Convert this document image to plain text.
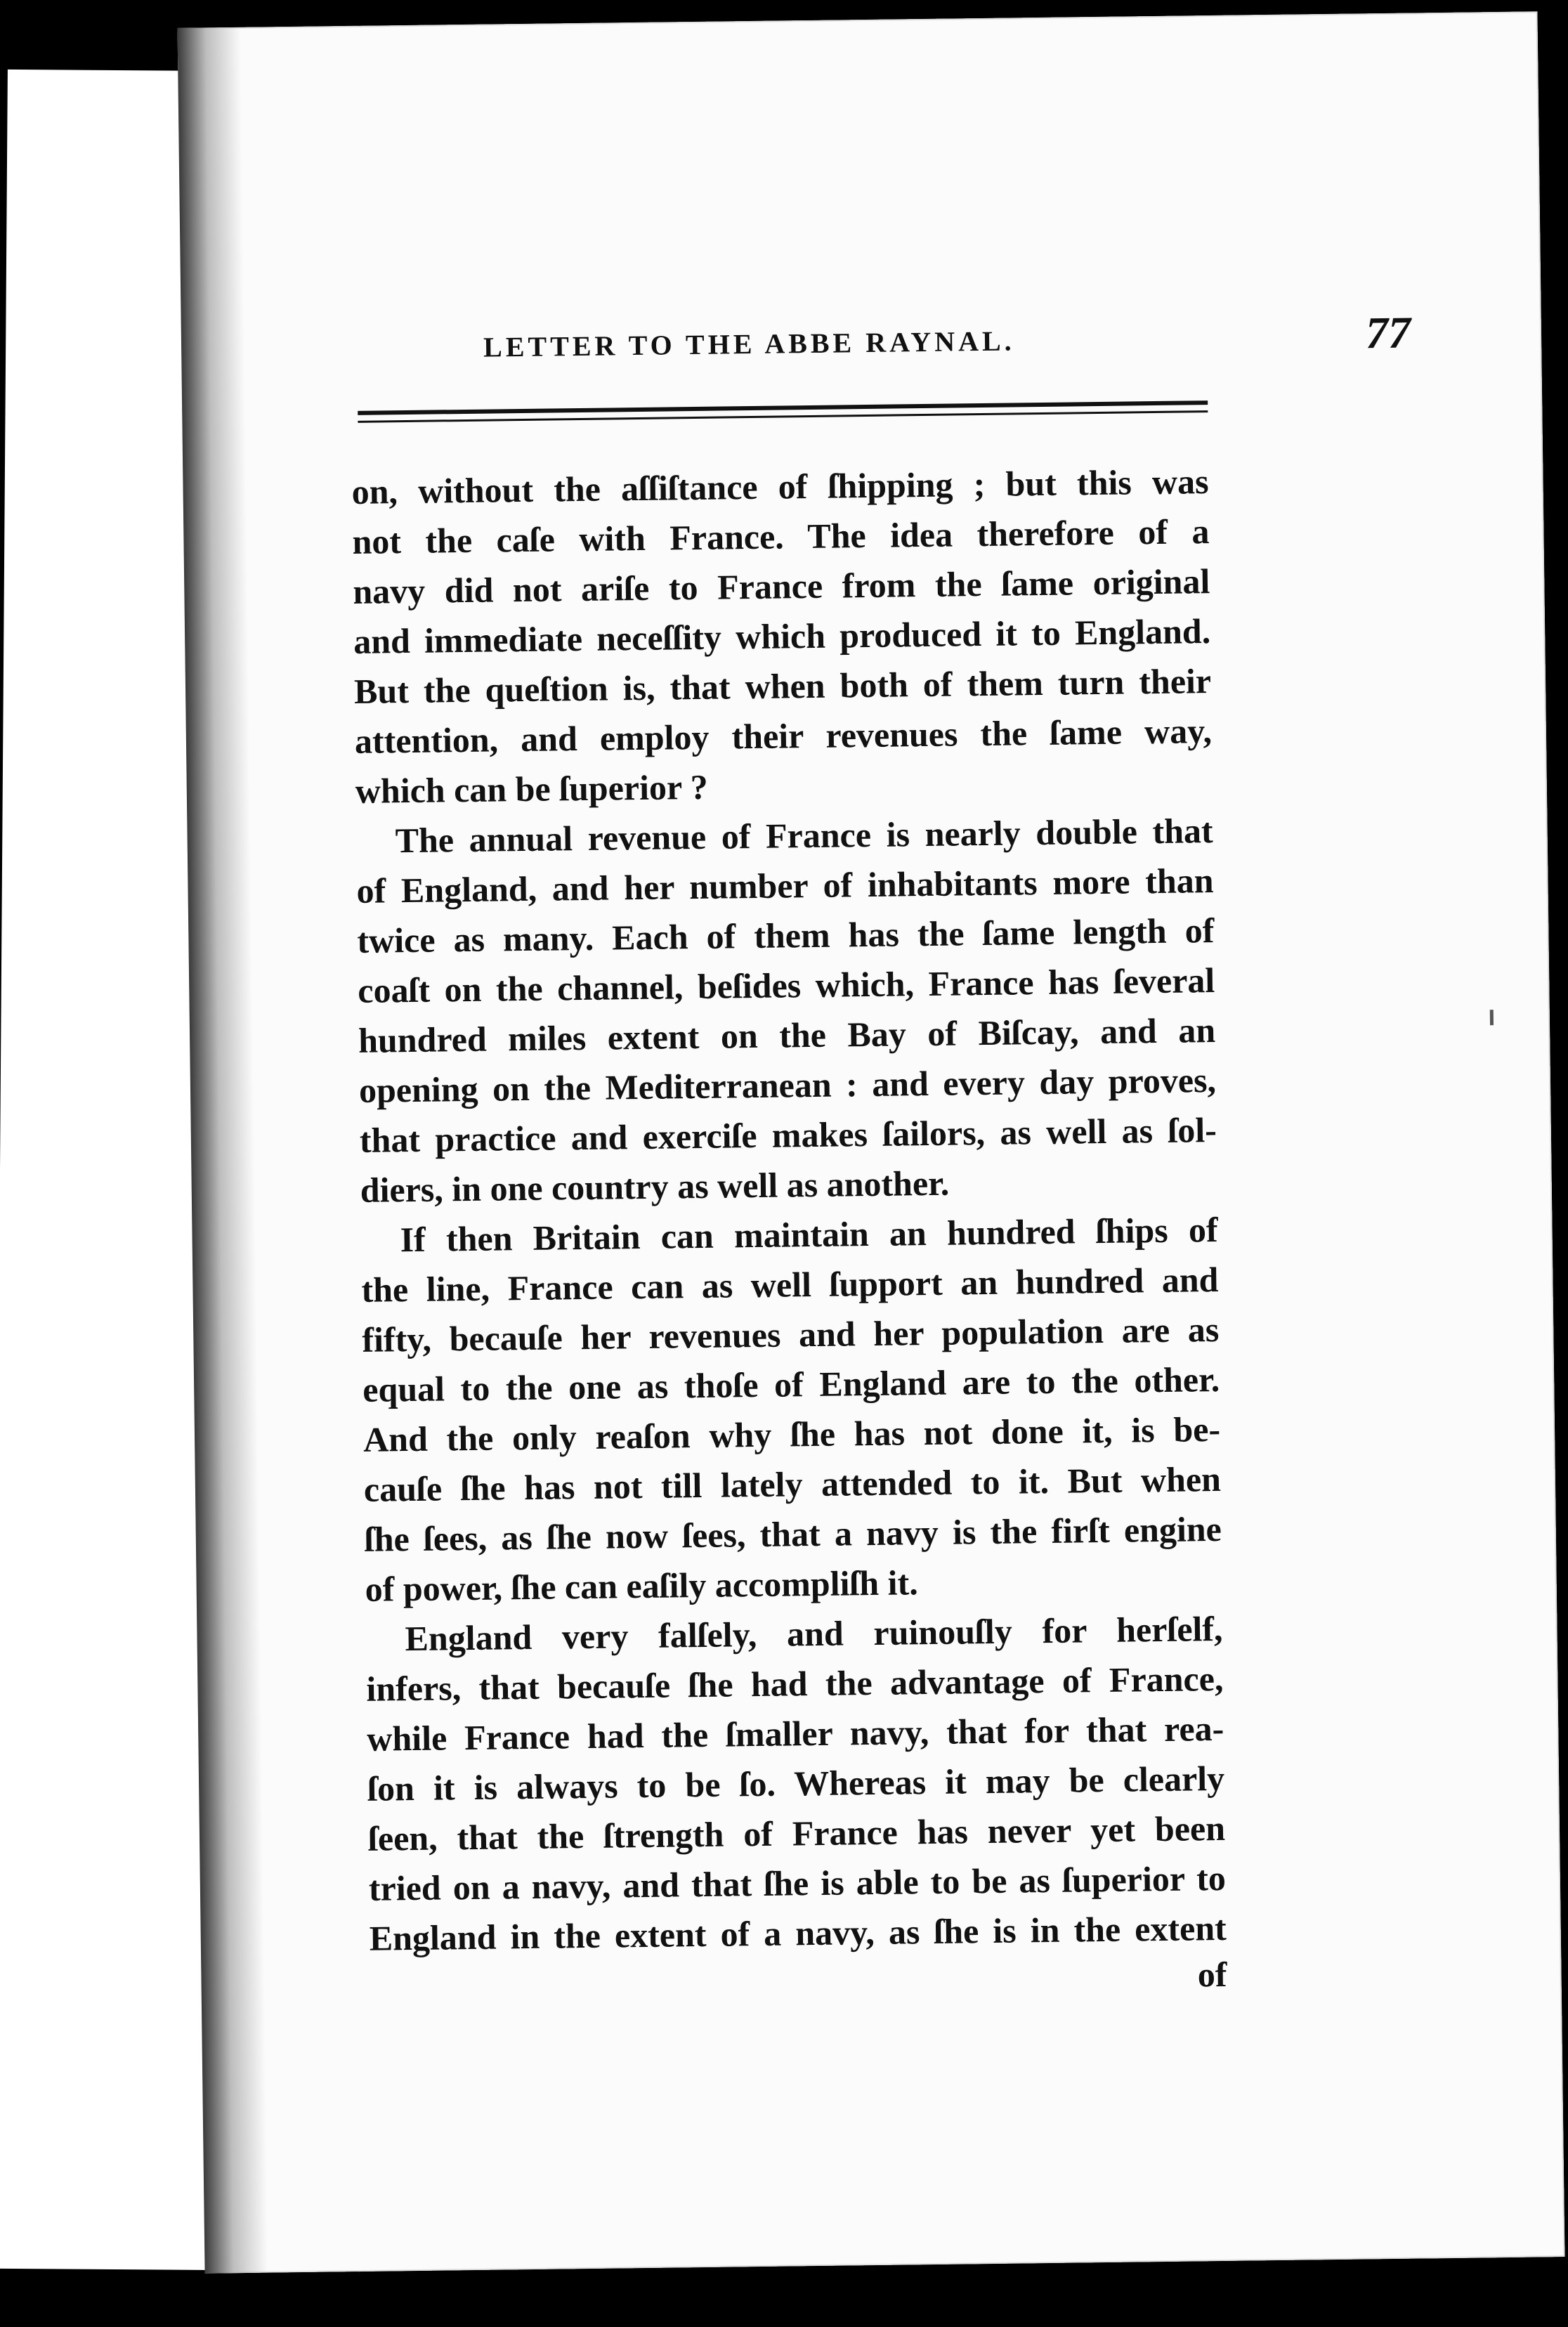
LETTER TO THE ABBE RAYNAL.	77
on, without the aſſiſtance of ſhipping ; but this was
not the caſe with France. The idea therefore of a
navy did not ariſe to France from the ſame original
and immediate neceſſity which produced it to England.
But the queſtion is, that when both of them turn their
attention, and employ their revenues the ſame way,
which can be ſuperior ?
The annual revenue of France is nearly double that
of England, and her number of inhabitants more than
twice as many. Each of them has the ſame length of
coaſt on the channel, beſides which, France has ſeveral
hundred miles extent on the Bay of Biſcay, and an
opening on the Mediterranean : and every day proves,
that practice and exerciſe makes ſailors, as well as ſol-
diers, in one country as well as another.
If then Britain can maintain an hundred ſhips of
the line, France can as well ſupport an hundred and
fifty, becauſe her revenues and her population are as
equal to the one as thoſe of England are to the other.
And the only reaſon why ſhe has not done it, is be-
cauſe ſhe has not till lately attended to it. But when
ſhe ſees, as ſhe now ſees, that a navy is the firſt engine
of power, ſhe can eaſily accompliſh it.
England very falſely, and ruinouſly for herſelf,
infers, that becauſe ſhe had the advantage of France,
while France had the ſmaller navy, that for that rea-
ſon it is always to be ſo. Whereas it may be clearly
ſeen, that the ſtrength of France has never yet been
tried on a navy, and that ſhe is able to be as ſuperior to
England in the extent of a navy, as ſhe is in the extent
of
